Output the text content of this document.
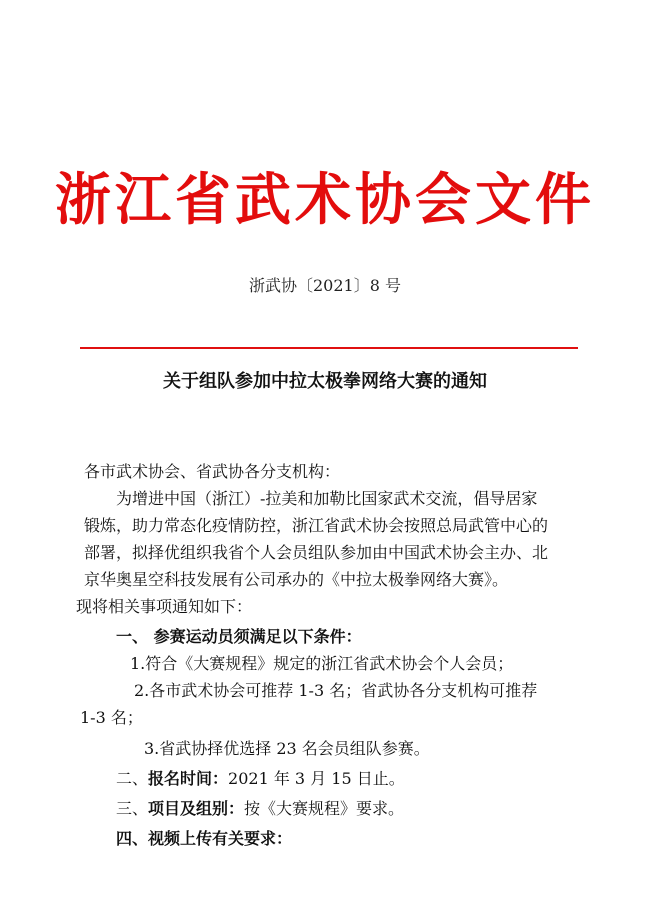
浙江省武术协会文件
浙武协〔2021〕8 号
关于组队参加中拉太极拳网络大赛的通知
各市武术协会、省武协各分支机构：
为增进中国（浙江）-拉美和加勒比国家武术交流，倡导居家
锻炼，助力常态化疫情防控，浙江省武术协会按照总局武管中心的
部署，拟择优组织我省个人会员组队参加由中国武术协会主办、北
京华奥星空科技发展有公司承办的《中拉太极拳网络大赛》。
现将相关事项通知如下：
一、 参赛运动员须满足以下条件：
1.符合《大赛规程》规定的浙江省武术协会个人会员；
2.各市武术协会可推荐 1-3 名；省武协各分支机构可推荐
1-3 名；
3.省武协择优选择 23 名会员组队参赛。
二、报名时间：2021 年 3 月 15 日止。
三、项目及组别：按《大赛规程》要求。
四、视频上传有关要求：
